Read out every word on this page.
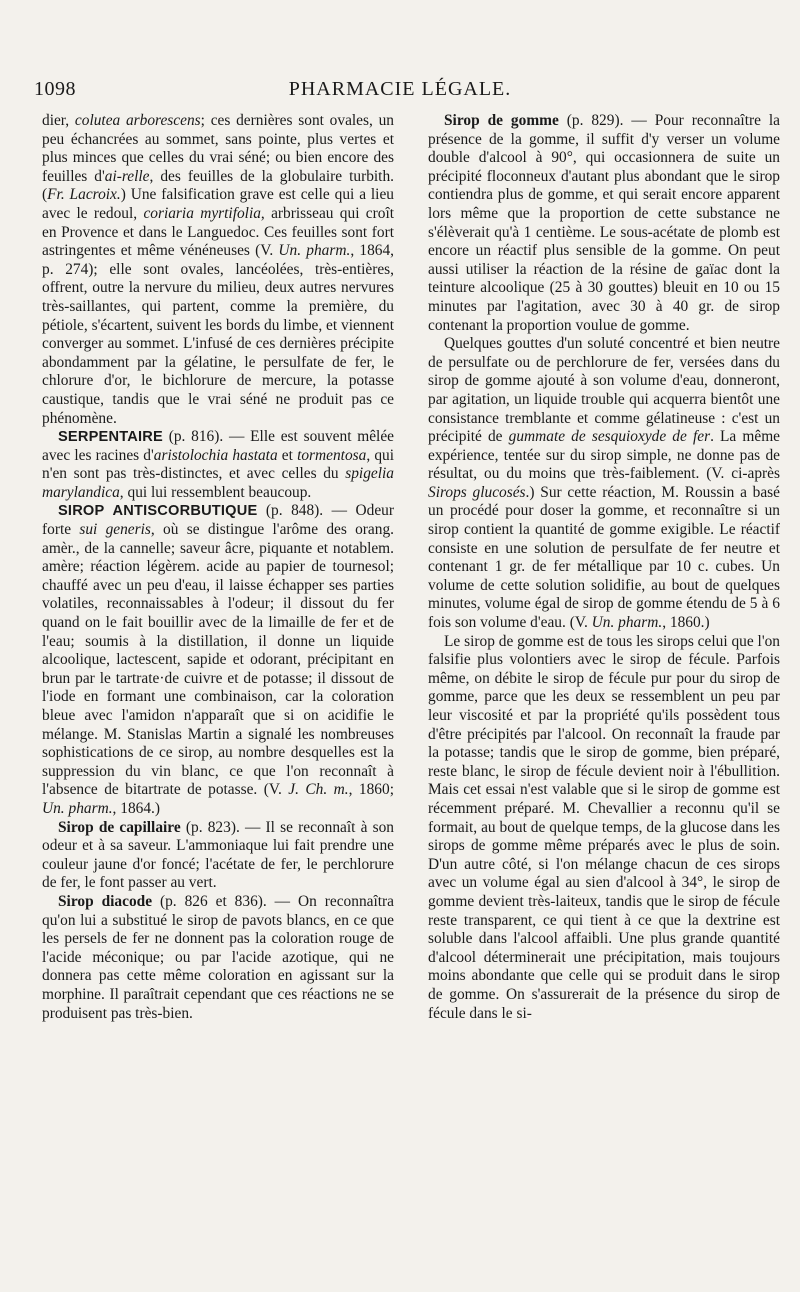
1098	PHARMACIE LÉGALE.

dier, colutea arborescens; ces dernières sont ovales, un peu échancrées au sommet, sans pointe, plus vertes et plus minces que celles du vrai séné; ou bien encore des feuilles d'ai-relle, des feuilles de la globulaire turbith. (Fr. Lacroix.) Une falsification grave est celle qui a lieu avec le redoul, coriaria myrtifolia, arbrisseau qui croît en Provence et dans le Languedoc. Ces feuilles sont fort astringentes et même vénéneuses (V. Un. pharm., 1864, p. 274); elle sont ovales, lancéolées, très-entières, offrent, outre la nervure du milieu, deux autres nervures très-saillantes, qui partent, comme la première, du pétiole, s'écartent, suivent les bords du limbe, et viennent converger au sommet. L'infusé de ces dernières précipite abondamment par la gélatine, le persulfate de fer, le chlorure d'or, le bichlorure de mercure, la potasse caustique, tandis que le vrai séné ne produit pas ce phénomène.

SERPENTAIRE (p. 816). — Elle est souvent mêlée avec les racines d'aristolochia hastata et tormentosa, qui n'en sont pas très-distinctes, et avec celles du spigelia marylandica, qui lui ressemblent beaucoup.

SIROP ANTISCORBUTIQUE (p. 848). — Odeur forte sui generis, où se distingue l'arôme des orang. amèr., de la cannelle; saveur âcre, piquante et notablem. amère; réaction légèrem. acide au papier de tournesol; chauffé avec un peu d'eau, il laisse échapper ses parties volatiles, reconnaissables à l'odeur; il dissout du fer quand on le fait bouillir avec de la limaille de fer et de l'eau; soumis à la distillation, il donne un liquide alcoolique, lactescent, sapide et odorant, précipitant en brun par le tartrate·de cuivre et de potasse; il dissout de l'iode en formant une combinaison, car la coloration bleue avec l'amidon n'apparaît que si on acidifie le mélange. M. Stanislas Martin a signalé les nombreuses sophistications de ce sirop, au nombre desquelles est la suppression du vin blanc, ce que l'on reconnaît à l'absence de bitartrate de potasse. (V. J. Ch. m., 1860; Un. pharm., 1864.)

Sirop de capillaire (p. 823). — Il se reconnaît à son odeur et à sa saveur. L'ammoniaque lui fait prendre une couleur jaune d'or foncé; l'acétate de fer, le perchlorure de fer, le font passer au vert.

Sirop diacode (p. 826 et 836). — On reconnaîtra qu'on lui a substitué le sirop de pavots blancs, en ce que les persels de fer ne donnent pas la coloration rouge de l'acide méconique; ou par l'acide azotique, qui ne donnera pas cette même coloration en agissant sur la morphine. Il paraîtrait cependant que ces réactions ne se produisent pas très-bien.

Sirop de gomme (p. 829). — Pour reconnaître la présence de la gomme, il suffit d'y verser un volume double d'alcool à 90°, qui occasionnera de suite un précipité floconneux d'autant plus abondant que le sirop contiendra plus de gomme, et qui serait encore apparent lors même que la proportion de cette substance ne s'élèverait qu'à 1 centième. Le sous-acétate de plomb est encore un réactif plus sensible de la gomme. On peut aussi utiliser la réaction de la résine de gaïac dont la teinture alcoolique (25 à 30 gouttes) bleuit en 10 ou 15 minutes par l'agitation, avec 30 à 40 gr. de sirop contenant la proportion voulue de gomme.

Quelques gouttes d'un soluté concentré et bien neutre de persulfate ou de perchlorure de fer, versées dans du sirop de gomme ajouté à son volume d'eau, donneront, par agitation, un liquide trouble qui acquerra bientôt une consistance tremblante et comme gélatineuse : c'est un précipité de gummate de sesquioxyde de fer. La même expérience, tentée sur du sirop simple, ne donne pas de résultat, ou du moins que très-faiblement. (V. ci-après Sirops glucosés.) Sur cette réaction, M. Roussin a basé un procédé pour doser la gomme, et reconnaître si un sirop contient la quantité de gomme exigible. Le réactif consiste en une solution de persulfate de fer neutre et contenant 1 gr. de fer métallique par 10 c. cubes. Un volume de cette solution solidifie, au bout de quelques minutes, volume égal de sirop de gomme étendu de 5 à 6 fois son volume d'eau. (V. Un. pharm., 1860.)

Le sirop de gomme est de tous les sirops celui que l'on falsifie plus volontiers avec le sirop de fécule. Parfois même, on débite le sirop de fécule pur pour du sirop de gomme, parce que les deux se ressemblent un peu par leur viscosité et par la propriété qu'ils possèdent tous d'être précipités par l'alcool. On reconnaît la fraude par la potasse; tandis que le sirop de gomme, bien préparé, reste blanc, le sirop de fécule devient noir à l'ébullition. Mais cet essai n'est valable que si le sirop de gomme est récemment préparé. M. Chevallier a reconnu qu'il se formait, au bout de quelque temps, de la glucose dans les sirops de gomme même préparés avec le plus de soin. D'un autre côté, si l'on mélange chacun de ces sirops avec un volume égal au sien d'alcool à 34°, le sirop de gomme devient très-laiteux, tandis que le sirop de fécule reste transparent, ce qui tient à ce que la dextrine est soluble dans l'alcool affaibli. Une plus grande quantité d'alcool déterminerait une précipitation, mais toujours moins abondante que celle qui se produit dans le sirop de gomme. On s'assurerait de la présence du sirop de fécule dans le si-
